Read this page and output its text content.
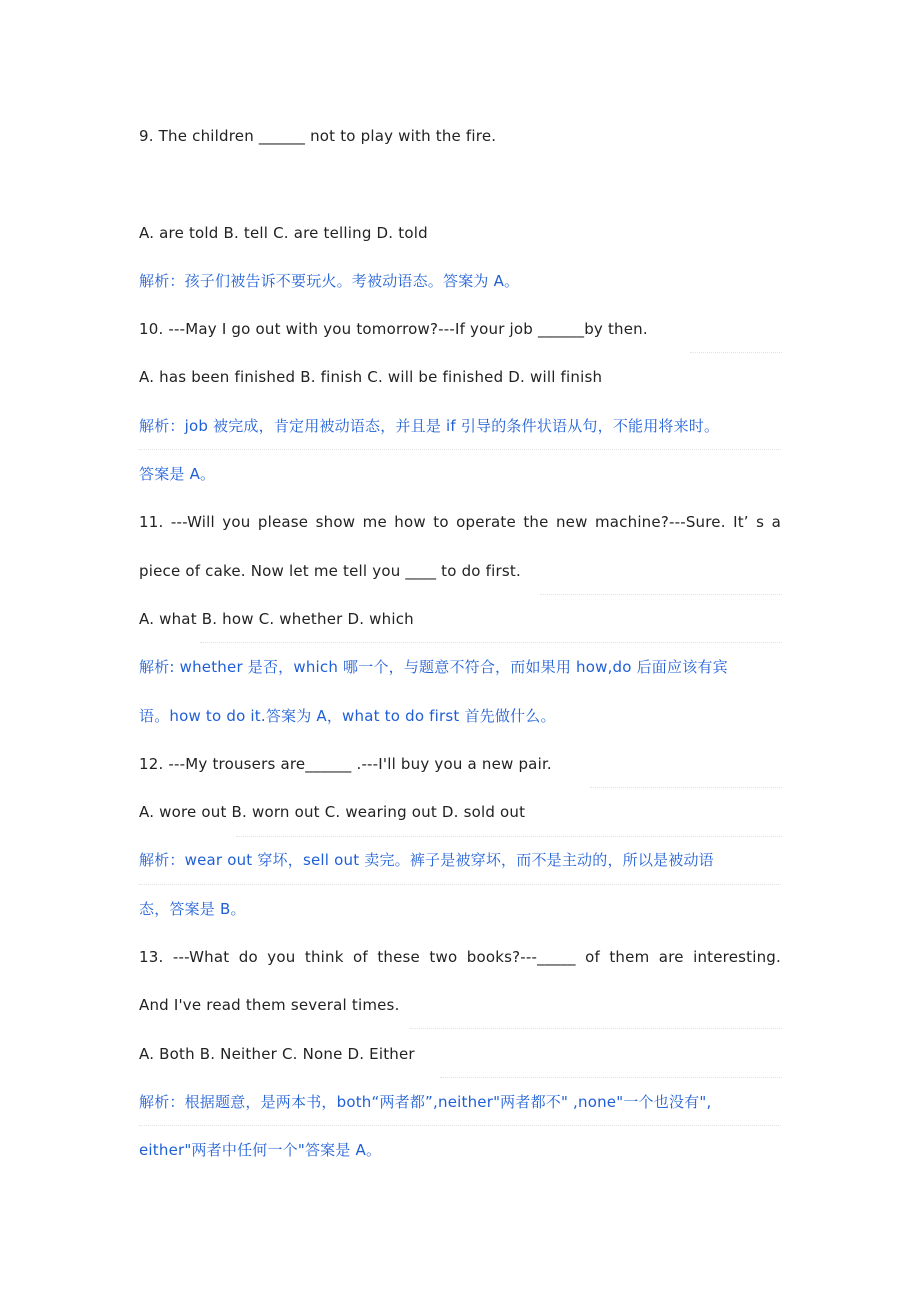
9. The children ______ not to play with the fire.
A. are told B. tell C. are telling D. told
解析：孩子们被告诉不要玩火。考被动语态。答案为 A。
10. ---May I go out with you tomorrow?---If your job ______by then.
A. has been finished B. finish C. will be finished D. will finish
解析：job 被完成，肯定用被动语态，并且是 if 引导的条件状语从句，不能用将来时。
答案是 A。
11. ---Will you please show me how to operate the new machine?---Sure. It’ s a
piece of cake. Now let me tell you ____ to do first.
A. what B. how C. whether D. which
解析: whether 是否，which 哪一个，与题意不符合，而如果用 how,do 后面应该有宾
语。how to do it.答案为 A，what to do first 首先做什么。
12. ---My trousers are______ .---I'll buy you a new pair.
A. wore out B. worn out C. wearing out D. sold out
解析：wear out 穿坏，sell out 卖完。裤子是被穿坏，而不是主动的，所以是被动语
态，答案是 B。
13. ---What do you think of these two books?---_____ of them are interesting.
And I've read them several times.
A. Both B. Neither C. None D. Either
解析：根据题意，是两本书，both“两者都”,neither"两者都不" ,none"一个也没有",
either"两者中任何一个"答案是 A。
